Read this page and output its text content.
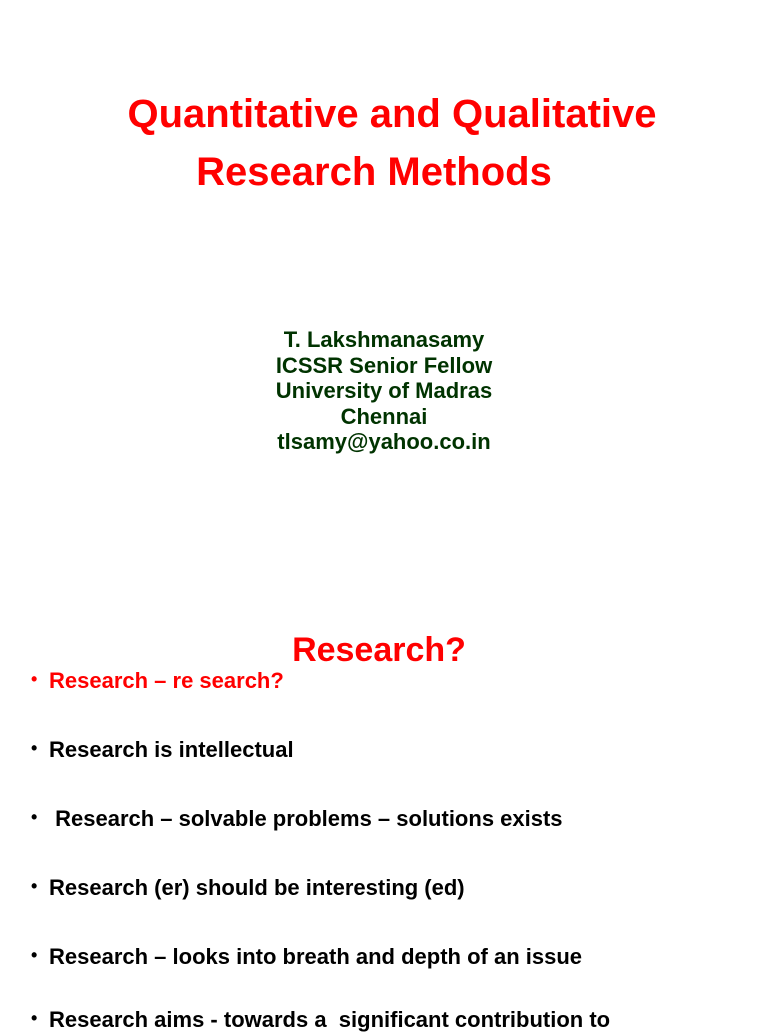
Quantitative and Qualitative
Research Methods
T. Lakshmanasamy
ICSSR Senior Fellow
University of Madras
Chennai
tlsamy@yahoo.co.in
Research?
• Research – re search?
• Research is intellectual
• Research – solvable problems – solutions exists
• Research (er) should be interesting (ed)
• Research – looks into breath and depth of an issue
• Research aims - towards a  significant contribution to
